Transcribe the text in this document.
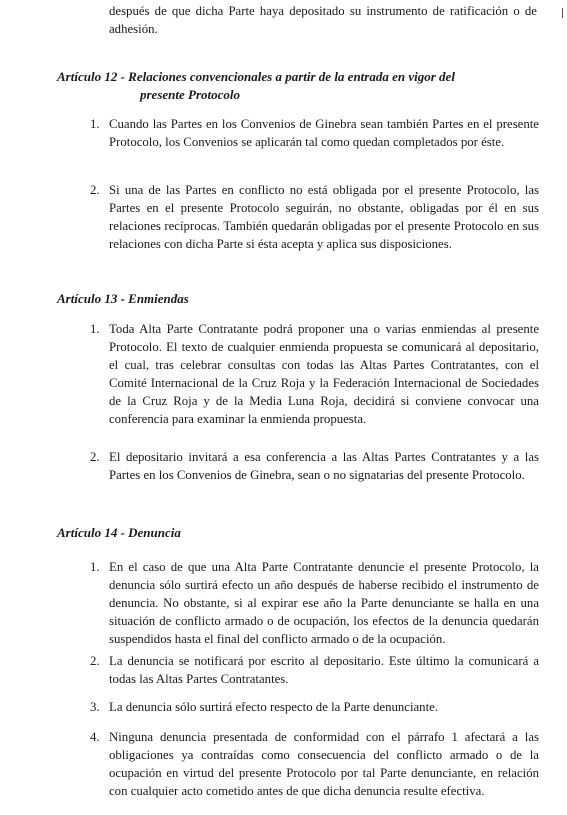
después de que dicha Parte haya depositado su instrumento de ratificación o de adhesión.

Artículo 12 - Relaciones convencionales a partir de la entrada en vigor del
presente Protocolo
1. Cuando las Partes en los Convenios de Ginebra sean también Partes en el presente Protocolo, los Convenios se aplicarán tal como quedan completados por éste.

2. Si una de las Partes en conflicto no está obligada por el presente Protocolo, las Partes en el presente Protocolo seguirán, no obstante, obligadas por él en sus relaciones recíprocas. También quedarán obligadas por el presente Protocolo en sus relaciones con dicha Parte si ésta acepta y aplica sus disposiciones.

Artículo 13 - Enmiendas
1. Toda Alta Parte Contratante podrá proponer una o varias enmiendas al presente Protocolo. El texto de cualquier enmienda propuesta se comunicará al depositario, el cual, tras celebrar consultas con todas las Altas Partes Contratantes, con el Comité Internacional de la Cruz Roja y la Federación Internacional de Sociedades de la Cruz Roja y de la Media Luna Roja, decidirá si conviene convocar una conferencia para examinar la enmienda propuesta.

2. El depositario invitará a esa conferencia a las Altas Partes Contratantes y a las Partes en los Convenios de Ginebra, sean o no signatarias del presente Protocolo.

Artículo 14 - Denuncia
1. En el caso de que una Alta Parte Contratante denuncie el presente Protocolo, la denuncia sólo surtirá efecto un año después de haberse recibido el instrumento de denuncia. No obstante, si al expirar ese año la Parte denunciante se halla en una situación de conflicto armado o de ocupación, los efectos de la denuncia quedarán suspendidos hasta el final del conflicto armado o de la ocupación.

2. La denuncia se notificará por escrito al depositario. Este último la comunicará a todas las Altas Partes Contratantes.

3. La denuncia sólo surtirá efecto respecto de la Parte denunciante.

4. Ninguna denuncia presentada de conformidad con el párrafo 1 afectará a las obligaciones ya contraídas como consecuencia del conflicto armado o de la ocupación en virtud del presente Protocolo por tal Parte denunciante, en relación con cualquier acto cometido antes de que dicha denuncia resulte efectiva.
